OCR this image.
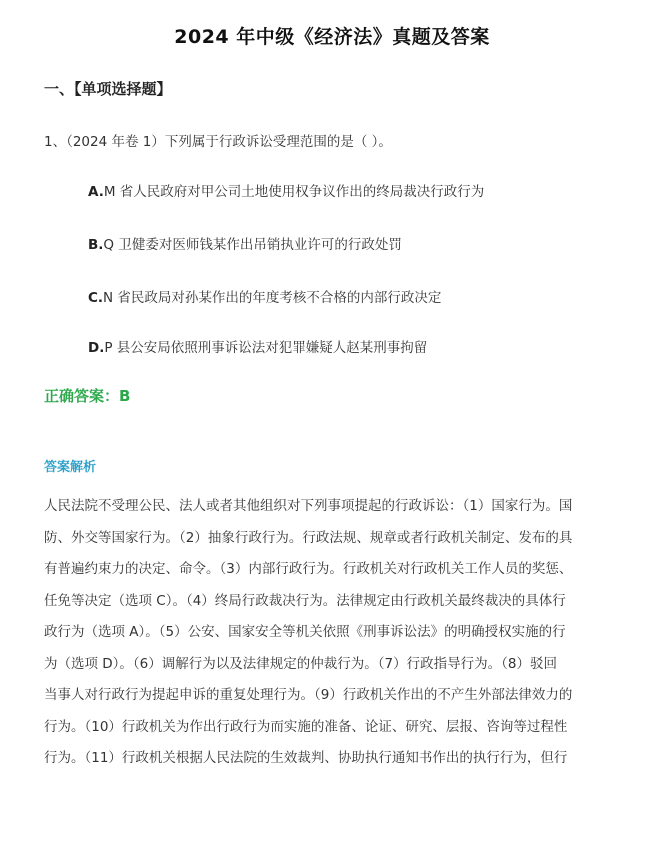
2024 年中级《经济法》真题及答案
一、【单项选择题】
1、（2024 年卷 1）下列属于行政诉讼受理范围的是（ ）。
A.M 省人民政府对甲公司土地使用权争议作出的终局裁决行政行为
B.Q 卫健委对医师钱某作出吊销执业许可的行政处罚
C.N 省民政局对孙某作出的年度考核不合格的内部行政决定
D.P 县公安局依照刑事诉讼法对犯罪嫌疑人赵某刑事拘留
正确答案：B
答案解析
人民法院不受理公民、法人或者其他组织对下列事项提起的行政诉讼：（1）国家行为。国
防、外交等国家行为。（2）抽象行政行为。行政法规、规章或者行政机关制定、发布的具
有普遍约束力的决定、命令。（3）内部行政行为。行政机关对行政机关工作人员的奖惩、
任免等决定（选项 C）。（4）终局行政裁决行为。法律规定由行政机关最终裁决的具体行
政行为（选项 A）。（5）公安、国家安全等机关依照《刑事诉讼法》的明确授权实施的行
为（选项 D）。（6）调解行为以及法律规定的仲裁行为。（7）行政指导行为。（8）驳回
当事人对行政行为提起申诉的重复处理行为。（9）行政机关作出的不产生外部法律效力的
行为。（10）行政机关为作出行政行为而实施的准备、论证、研究、层报、咨询等过程性
行为。（11）行政机关根据人民法院的生效裁判、协助执行通知书作出的执行行为，但行
